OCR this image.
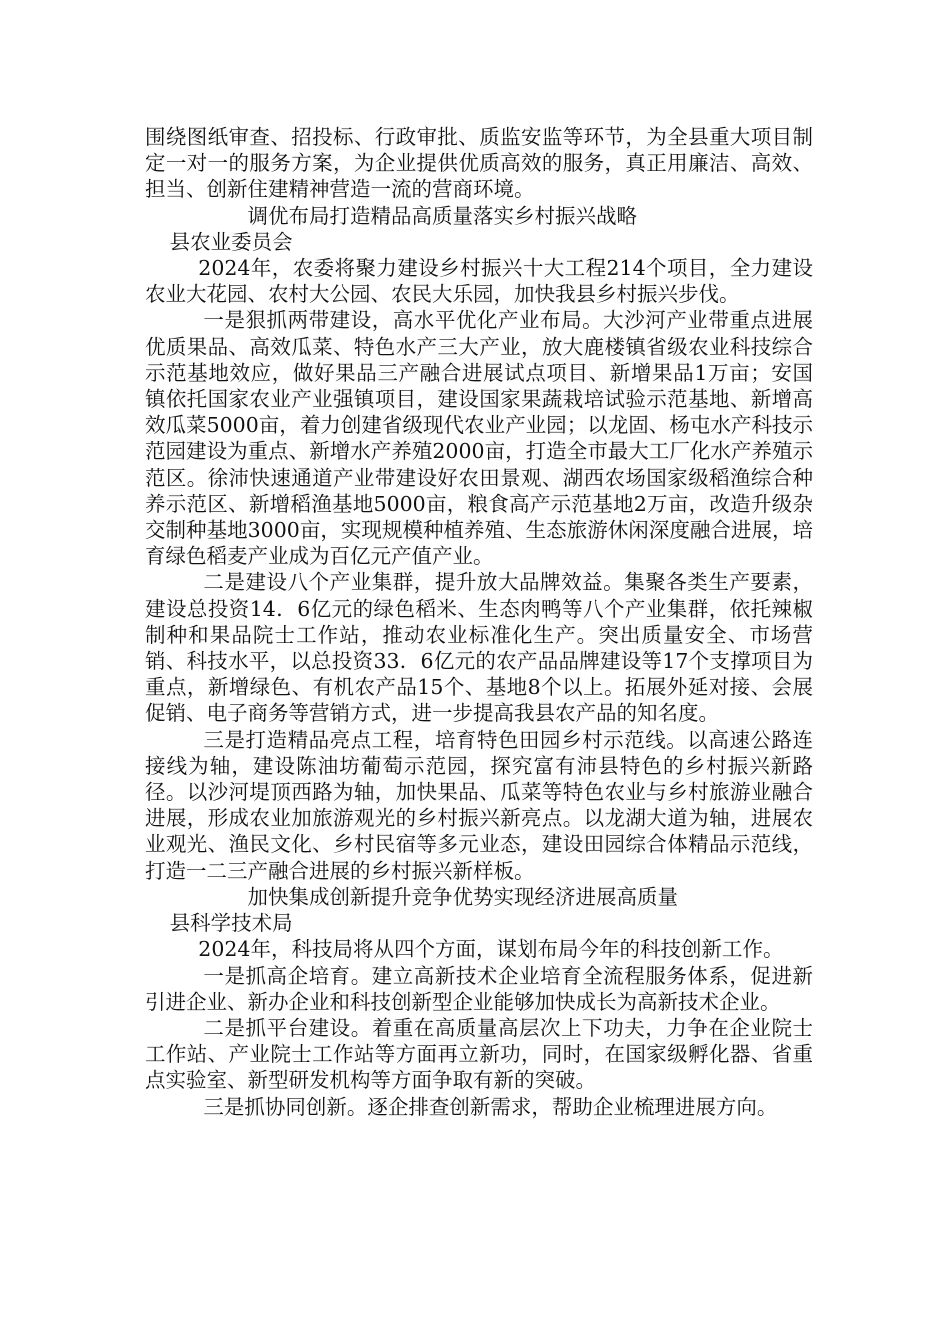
围绕图纸审查、招投标、行政审批、质监安监等环节，为全县重大项目制定一对一的服务方案，为企业提供优质高效的服务，真正用廉洁、高效、担当、创新住建精神营造一流的营商环境。

调优布局打造精品高质量落实乡村振兴战略

县农业委员会

2024年，农委将聚力建设乡村振兴十大工程214个项目，全力建设农业大花园、农村大公园、农民大乐园，加快我县乡村振兴步伐。

一是狠抓两带建设，高水平优化产业布局。大沙河产业带重点进展优质果品、高效瓜菜、特色水产三大产业，放大鹿楼镇省级农业科技综合示范基地效应，做好果品三产融合进展试点项目、新增果品1万亩；安国镇依托国家农业产业强镇项目，建设国家果蔬栽培试验示范基地、新增高效瓜菜5000亩，着力创建省级现代农业产业园；以龙固、杨屯水产科技示范园建设为重点、新增水产养殖2000亩，打造全市最大工厂化水产养殖示范区。徐沛快速通道产业带建设好农田景观、湖西农场国家级稻渔综合种养示范区、新增稻渔基地5000亩，粮食高产示范基地2万亩，改造升级杂交制种基地3000亩，实现规模种植养殖、生态旅游休闲深度融合进展，培育绿色稻麦产业成为百亿元产值产业。

二是建设八个产业集群，提升放大品牌效益。集聚各类生产要素，建设总投资14．6亿元的绿色稻米、生态肉鸭等八个产业集群，依托辣椒制种和果品院士工作站，推动农业标准化生产。突出质量安全、市场营销、科技水平，以总投资33．6亿元的农产品品牌建设等17个支撑项目为重点，新增绿色、有机农产品15个、基地8个以上。拓展外延对接、会展促销、电子商务等营销方式，进一步提高我县农产品的知名度。

三是打造精品亮点工程，培育特色田园乡村示范线。以高速公路连接线为轴，建设陈油坊葡萄示范园，探究富有沛县特色的乡村振兴新路径。以沙河堤顶西路为轴，加快果品、瓜菜等特色农业与乡村旅游业融合进展，形成农业加旅游观光的乡村振兴新亮点。以龙湖大道为轴，进展农业观光、渔民文化、乡村民宿等多元业态，建设田园综合体精品示范线，打造一二三产融合进展的乡村振兴新样板。

加快集成创新提升竞争优势实现经济进展高质量

县科学技术局

2024年，科技局将从四个方面，谋划布局今年的科技创新工作。

一是抓高企培育。建立高新技术企业培育全流程服务体系，促进新引进企业、新办企业和科技创新型企业能够加快成长为高新技术企业。

二是抓平台建设。着重在高质量高层次上下功夫，力争在企业院士工作站、产业院士工作站等方面再立新功，同时，在国家级孵化器、省重点实验室、新型研发机构等方面争取有新的突破。

三是抓协同创新。逐企排查创新需求，帮助企业梳理进展方向。
